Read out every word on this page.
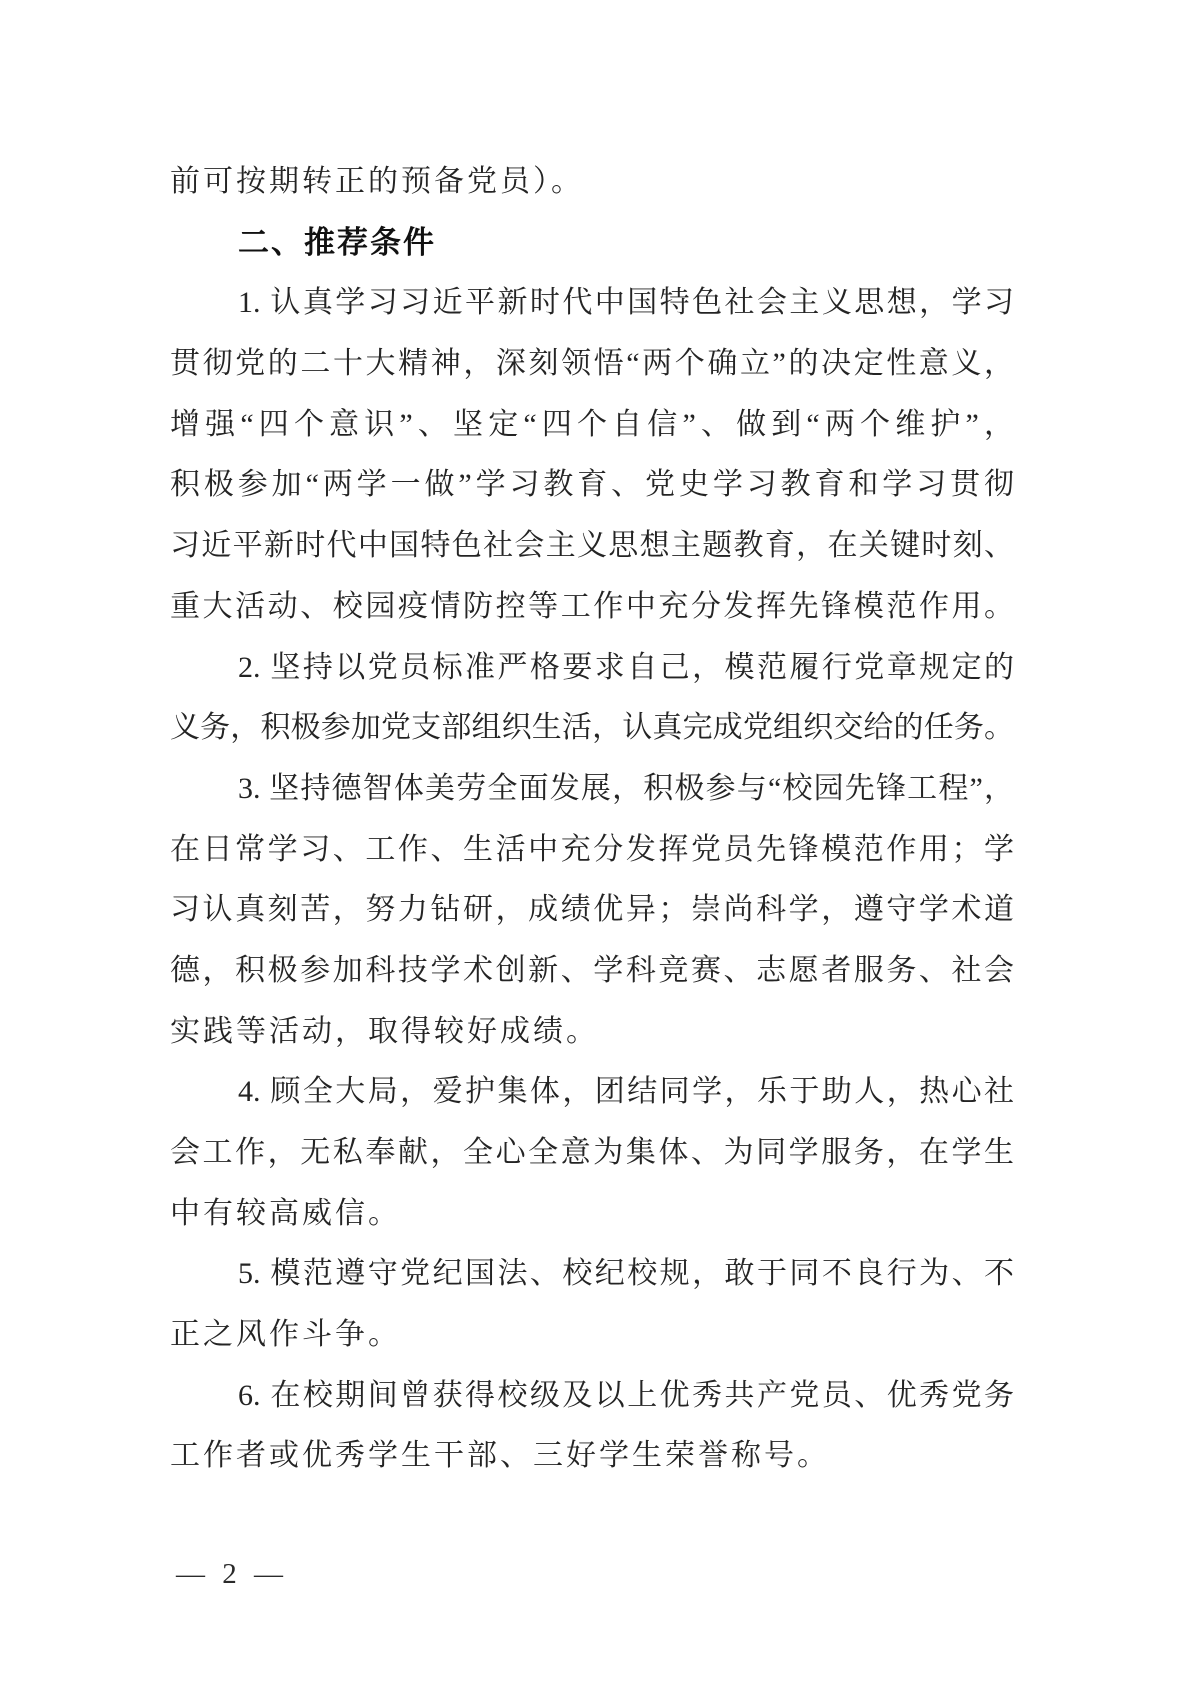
前可按期转正的预备党员）。
二、推荐条件
1. 认真学习习近平新时代中国特色社会主义思想，学习
贯彻党的二十大精神，深刻领悟“两个确立”的决定性意义，
增强“四个意识”、坚定“四个自信”、做到“两个维护”，
积极参加“两学一做”学习教育、党史学习教育和学习贯彻
习近平新时代中国特色社会主义思想主题教育，在关键时刻、
重大活动、校园疫情防控等工作中充分发挥先锋模范作用。
2. 坚持以党员标准严格要求自己，模范履行党章规定的
义务，积极参加党支部组织生活，认真完成党组织交给的任务。
3. 坚持德智体美劳全面发展，积极参与“校园先锋工程”，
在日常学习、工作、生活中充分发挥党员先锋模范作用；学
习认真刻苦，努力钻研，成绩优异；崇尚科学，遵守学术道
德，积极参加科技学术创新、学科竞赛、志愿者服务、社会
实践等活动，取得较好成绩。
4. 顾全大局，爱护集体，团结同学，乐于助人，热心社
会工作，无私奉献，全心全意为集体、为同学服务，在学生
中有较高威信。
5. 模范遵守党纪国法、校纪校规，敢于同不良行为、不
正之风作斗争。
6. 在校期间曾获得校级及以上优秀共产党员、优秀党务
工作者或优秀学生干部、三好学生荣誉称号。
— 2 —
